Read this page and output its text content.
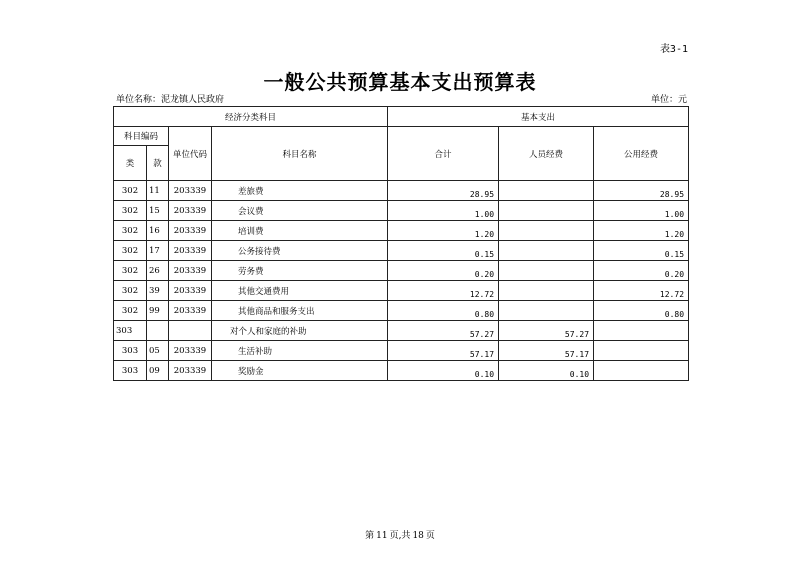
表3-1
一般公共预算基本支出预算表
单位名称：泥龙镇人民政府	单位：元
经济分类科目				基本支出		
科目编码		单位代码	科目名称	合计	人员经费	公用经费
类	款					
302	11	203339	差旅费	28.95		28.95
302	15	203339	会议费	1.00		1.00
302	16	203339	培训费	1.20		1.20
302	17	203339	公务接待费	0.15		0.15
302	26	203339	劳务费	0.20		0.20
302	39	203339	其他交通费用	12.72		12.72
302	99	203339	其他商品和服务支出	0.80		0.80
303			对个人和家庭的补助	57.27	57.27	
303	05	203339	生活补助	57.17	57.17	
303	09	203339	奖励金	0.10	0.10	
第 11 页,共 18 页
